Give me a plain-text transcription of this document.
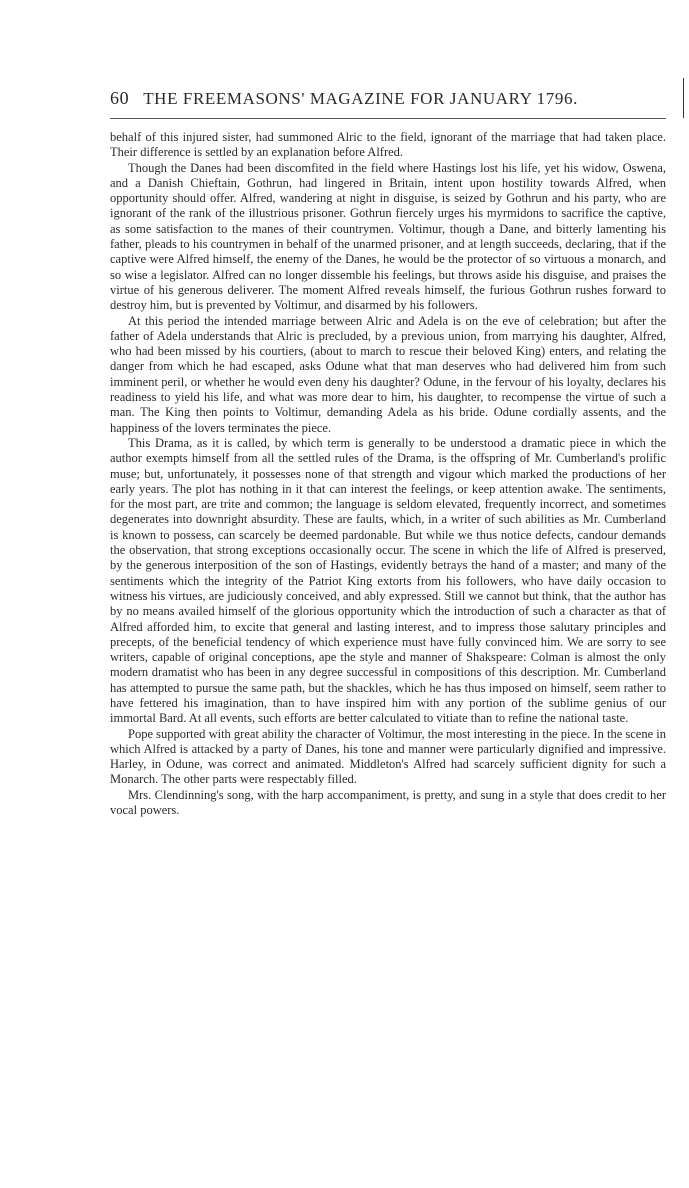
60 THE FREEMASONS' MAGAZINE FOR JANUARY 1796.

behalf of this injured sister, had summoned Alric to the field, ignorant of the marriage that had taken place. Their difference is settled by an explanation before Alfred.

Though the Danes had been discomfited in the field where Hastings lost his life, yet his widow, Oswena, and a Danish Chieftain, Gothrun, had lingered in Britain, intent upon hostility towards Alfred, when opportunity should offer. Alfred, wandering at night in disguise, is seized by Gothrun and his party, who are ignorant of the rank of the illustrious prisoner. Gothrun fiercely urges his myrmidons to sacrifice the captive, as some satisfaction to the manes of their countrymen. Voltimur, though a Dane, and bitterly lamenting his father, pleads to his countrymen in behalf of the unarmed prisoner, and at length succeeds, declaring, that if the captive were Alfred himself, the enemy of the Danes, he would be the protector of so virtuous a monarch, and so wise a legislator. Alfred can no longer dissemble his feelings, but throws aside his disguise, and praises the virtue of his generous deliverer. The moment Alfred reveals himself, the furious Gothrun rushes forward to destroy him, but is prevented by Voltimur, and disarmed by his followers.

At this period the intended marriage between Alric and Adela is on the eve of celebration; but after the father of Adela understands that Alric is precluded, by a previous union, from marrying his daughter, Alfred, who had been missed by his courtiers, (about to march to rescue their beloved King) enters, and relating the danger from which he had escaped, asks Odune what that man deserves who had delivered him from such imminent peril, or whether he would even deny his daughter? Odune, in the fervour of his loyalty, declares his readiness to yield his life, and what was more dear to him, his daughter, to recompense the virtue of such a man. The King then points to Voltimur, demanding Adela as his bride. Odune cordially assents, and the happiness of the lovers terminates the piece.

This Drama, as it is called, by which term is generally to be understood a dramatic piece in which the author exempts himself from all the settled rules of the Drama, is the offspring of Mr. Cumberland's prolific muse; but, unfortunately, it possesses none of that strength and vigour which marked the productions of her early years. The plot has nothing in it that can interest the feelings, or keep attention awake. The sentiments, for the most part, are trite and common; the language is seldom elevated, frequently incorrect, and sometimes degenerates into downright absurdity. These are faults, which, in a writer of such abilities as Mr. Cumberland is known to possess, can scarcely be deemed pardonable. But while we thus notice defects, candour demands the observation, that strong exceptions occasionally occur. The scene in which the life of Alfred is preserved, by the generous interposition of the son of Hastings, evidently betrays the hand of a master; and many of the sentiments which the integrity of the Patriot King extorts from his followers, who have daily occasion to witness his virtues, are judiciously conceived, and ably expressed. Still we cannot but think, that the author has by no means availed himself of the glorious opportunity which the introduction of such a character as that of Alfred afforded him, to excite that general and lasting interest, and to impress those salutary principles and precepts, of the beneficial tendency of which experience must have fully convinced him. We are sorry to see writers, capable of original conceptions, ape the style and manner of Shakspeare: Colman is almost the only modern dramatist who has been in any degree successful in compositions of this description. Mr. Cumberland has attempted to pursue the same path, but the shackles, which he has thus imposed on himself, seem rather to have fettered his imagination, than to have inspired him with any portion of the sublime genius of our immortal Bard. At all events, such efforts are better calculated to vitiate than to refine the national taste.

Pope supported with great ability the character of Voltimur, the most interesting in the piece. In the scene in which Alfred is attacked by a party of Danes, his tone and manner were particularly dignified and impressive. Harley, in Odune, was correct and animated. Middleton's Alfred had scarcely sufficient dignity for such a Monarch. The other parts were respectably filled.

Mrs. Clendinning's song, with the harp accompaniment, is pretty, and sung in a style that does credit to her vocal powers.
